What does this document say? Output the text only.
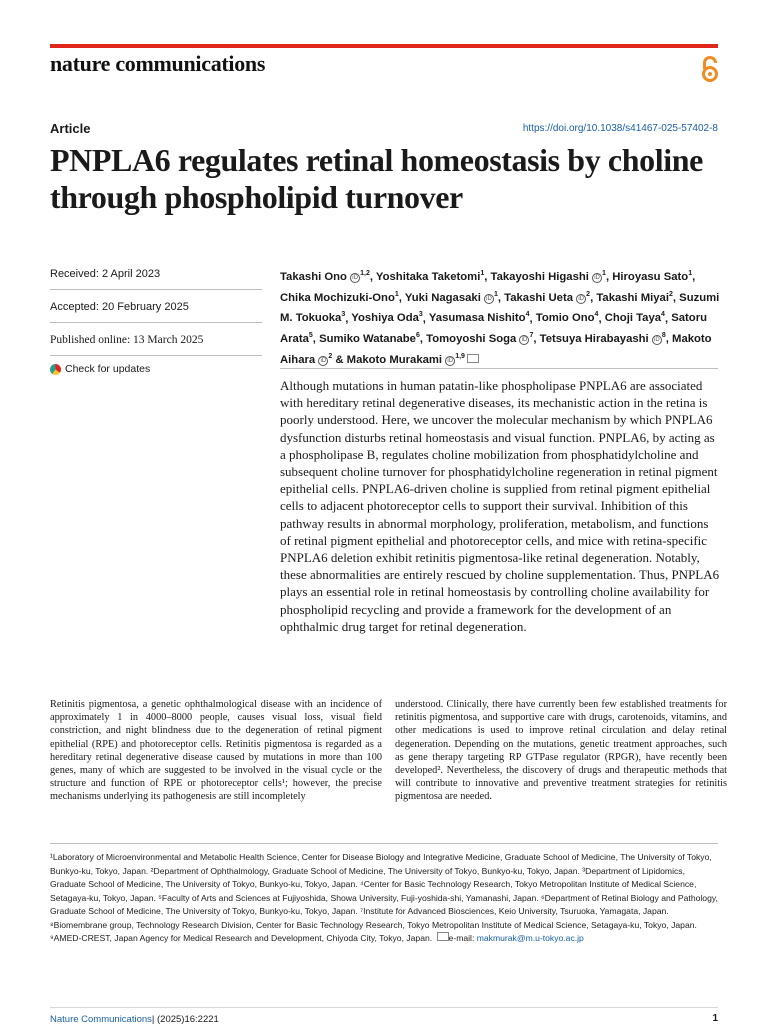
nature communications
Article	https://doi.org/10.1038/s41467-025-57402-8
PNPLA6 regulates retinal homeostasis by choline through phospholipid turnover
Received: 2 April 2023
Accepted: 20 February 2025
Published online: 13 March 2025
Check for updates
Takashi Ono iD$^{1,2}$, Yoshitaka Taketomi$^1$, Takayoshi Higashi $iD^1$, Hiroyasu Sato$^1$, Chika Mochizuki-Ono$^1$, Yuki Nagasaki $iD^1$, Takashi Ueta $iD^2$, Takashi Miyai$^2$, Suzumi M. Tokuoka$^3$, Yoshiya Oda$^3$, Yasumasa Nishito$^4$, Tomio Ono$^4$, Choji Taya$^4$, Satoru Arata$^5$, Sumiko Watanabe$^6$, Tomoyoshi Soga $iD^7$, Tetsuya Hirabayashi $iD^8$, Makoto Aihara $iD^2$ & Makoto Murakami iD$^{1,9}$

Although mutations in human patatin-like phospholipase PNPLA6 are associated with hereditary retinal degenerative diseases, its mechanistic action in the retina is poorly understood. Here, we uncover the molecular mechanism by which PNPLA6 dysfunction disturbs retinal homeostasis and visual function. PNPLA6, by acting as a phospholipase B, regulates choline mobilization from phosphatidylcholine and subsequent choline turnover for phosphatidylcholine regeneration in retinal pigment epithelial cells. PNPLA6-driven choline is supplied from retinal pigment epithelial cells to adjacent photoreceptor cells to support their survival. Inhibition of this pathway results in abnormal morphology, proliferation, metabolism, and functions of retinal pigment epithelial and photoreceptor cells, and mice with retina-specific PNPLA6 deletion exhibit retinitis pigmentosa-like retinal degeneration. Notably, these abnormalities are entirely rescued by choline supplementation. Thus, PNPLA6 plays an essential role in retinal homeostasis by controlling choline availability for phospholipid recycling and provide a framework for the development of an ophthalmic drug target for retinal degeneration.

Retinitis pigmentosa, a genetic ophthalmological disease with an incidence of approximately 1 in 4000–8000 people, causes visual loss, visual field constriction, and night blindness due to the degeneration of retinal pigment epithelial (RPE) and photoreceptor cells. Retinitis pigmentosa is regarded as a hereditary retinal degenerative disease caused by mutations in more than 100 genes, many of which are suggested to be involved in the visual cycle or the structure and function of RPE or photoreceptor cells¹; however, the precise mechanisms underlying its pathogenesis are still incompletely

understood. Clinically, there have currently been few established treatments for retinitis pigmentosa, and supportive care with drugs, carotenoids, vitamins, and other medications is used to improve retinal circulation and delay retinal degeneration. Depending on the mutations, genetic treatment approaches, such as gene therapy targeting RP GTPase regulator (RPGR), have recently been developed². Nevertheless, the discovery of drugs and therapeutic methods that will contribute to innovative and preventive treatment strategies for retinitis pigmentosa are needed.

¹Laboratory of Microenvironmental and Metabolic Health Science, Center for Disease Biology and Integrative Medicine, Graduate School of Medicine, The University of Tokyo, Bunkyo-ku, Tokyo, Japan. ²Department of Ophthalmology, Graduate School of Medicine, The University of Tokyo, Bunkyo-ku, Tokyo, Japan. ³Department of Lipidomics, Graduate School of Medicine, The University of Tokyo, Bunkyo-ku, Tokyo, Japan. ⁴Center for Basic Technology Research, Tokyo Metropolitan Institute of Medical Science, Setagaya-ku, Tokyo, Japan. ⁵Faculty of Arts and Sciences at Fujiyoshida, Showa University, Fuji-yoshida-shi, Yamanashi, Japan. ⁶Department of Retinal Biology and Pathology, Graduate School of Medicine, The University of Tokyo, Bunkyo-ku, Tokyo, Japan. ⁷Institute for Advanced Biosciences, Keio University, Tsuruoka, Yamagata, Japan. ⁸Biomembrane group, Technology Research Division, Center for Basic Technology Research, Tokyo Metropolitan Institute of Medical Science, Setagaya-ku, Tokyo, Japan. ⁹AMED-CREST, Japan Agency for Medical Research and Development, Chiyoda City, Tokyo, Japan. e-mail: makmurak@m.u-tokyo.ac.jp

Nature Communications| (2025)16:2221	1
